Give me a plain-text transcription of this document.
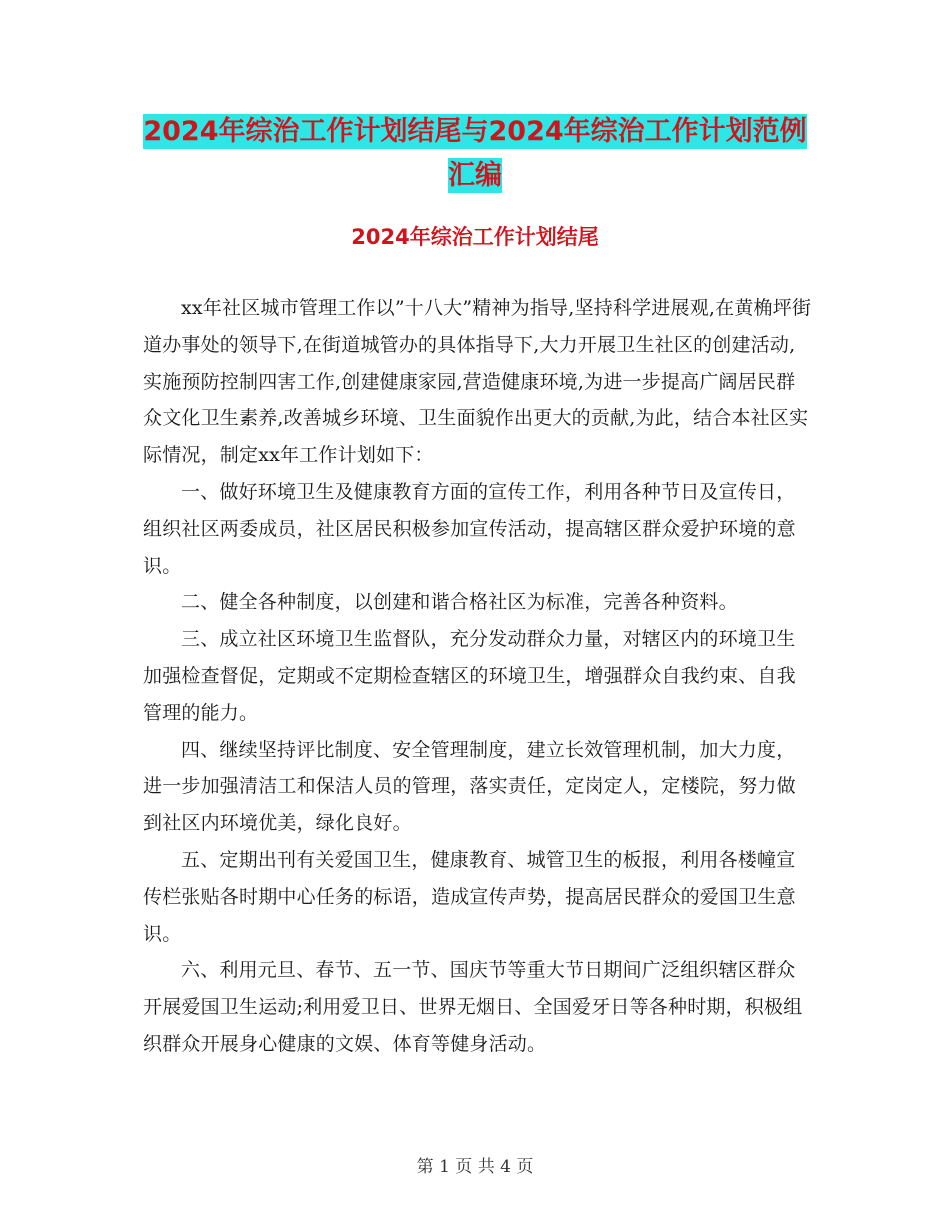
2024年综治工作计划结尾与2024年综治工作计划范例
汇编
2024年综治工作计划结尾

xx年社区城市管理工作以”十八大”精神为指导,坚持科学进展观,在黄桷坪街道办事处的领导下,在街道城管办的具体指导下,大力开展卫生社区的创建活动,实施预防控制四害工作,创建健康家园,营造健康环境,为进一步提高广阔居民群众文化卫生素养,改善城乡环境、卫生面貌作出更大的贡献,为此，结合本社区实际情况，制定xx年工作计划如下：

一、做好环境卫生及健康教育方面的宣传工作，利用各种节日及宣传日，组织社区两委成员，社区居民积极参加宣传活动，提高辖区群众爱护环境的意识。

二、健全各种制度，以创建和谐合格社区为标准，完善各种资料。

三、成立社区环境卫生监督队，充分发动群众力量，对辖区内的环境卫生加强检查督促，定期或不定期检查辖区的环境卫生，增强群众自我约束、自我管理的能力。

四、继续坚持评比制度、安全管理制度，建立长效管理机制，加大力度，进一步加强清洁工和保洁人员的管理，落实责任，定岗定人，定楼院，努力做到社区内环境优美，绿化良好。

五、定期出刊有关爱国卫生，健康教育、城管卫生的板报，利用各楼幢宣传栏张贴各时期中心任务的标语，造成宣传声势，提高居民群众的爱国卫生意识。

六、利用元旦、春节、五一节、国庆节等重大节日期间广泛组织辖区群众开展爱国卫生运动;利用爱卫日、世界无烟日、全国爱牙日等各种时期，积极组织群众开展身心健康的文娱、体育等健身活动。

第 1 页 共 4 页
